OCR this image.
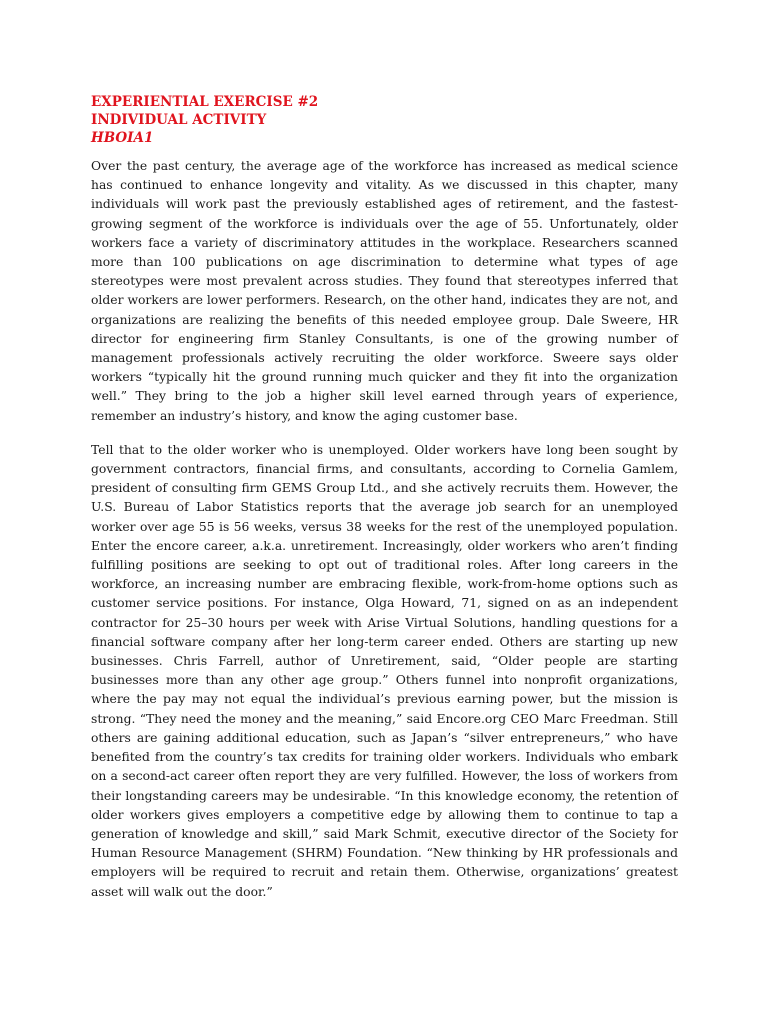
EXPERIENTIAL EXERCISE #2
INDIVIDUAL ACTIVITY
HBOIA1

Over the past century, the average age of the workforce has increased as medical science has continued to enhance longevity and vitality. As we discussed in this chapter, many individuals will work past the previously established ages of retirement, and the fastest-growing segment of the workforce is individuals over the age of 55. Unfortunately, older workers face a variety of discriminatory attitudes in the workplace. Researchers scanned more than 100 publications on age discrimination to determine what types of age stereotypes were most prevalent across studies. They found that stereotypes inferred that older workers are lower performers. Research, on the other hand, indicates they are not, and organizations are realizing the benefits of this needed employee group. Dale Sweere, HR director for engineering firm Stanley Consultants, is one of the growing number of management professionals actively recruiting the older workforce. Sweere says older workers “typically hit the ground running much quicker and they fit into the organization well.” They bring to the job a higher skill level earned through years of experience, remember an industry’s history, and know the aging customer base.

Tell that to the older worker who is unemployed. Older workers have long been sought by government contractors, financial firms, and consultants, according to Cornelia Gamlem, president of consulting firm GEMS Group Ltd., and she actively recruits them. However, the U.S. Bureau of Labor Statistics reports that the average job search for an unemployed worker over age 55 is 56 weeks, versus 38 weeks for the rest of the unemployed population. Enter the encore career, a.k.a. unretirement. Increasingly, older workers who aren’t finding fulfilling positions are seeking to opt out of traditional roles. After long careers in the workforce, an increasing number are embracing flexible, work-from-home options such as customer service positions. For instance, Olga Howard, 71, signed on as an independent contractor for 25–30 hours per week with Arise Virtual Solutions, handling questions for a financial software company after her long-term career ended. Others are starting up new businesses. Chris Farrell, author of Unretirement, said, “Older people are starting businesses more than any other age group.” Others funnel into nonprofit organizations, where the pay may not equal the individual’s previous earning power, but the mission is strong. “They need the money and the meaning,” said Encore.org CEO Marc Freedman. Still others are gaining additional education, such as Japan’s “silver entrepreneurs,” who have benefited from the country’s tax credits for training older workers. Individuals who embark on a second-act career often report they are very fulfilled. However, the loss of workers from their longstanding careers may be undesirable. “In this knowledge economy, the retention of older workers gives employers a competitive edge by allowing them to continue to tap a generation of knowledge and skill,” said Mark Schmit, executive director of the Society for Human Resource Management (SHRM) Foundation. “New thinking by HR professionals and employers will be required to recruit and retain them. Otherwise, organizations’ greatest asset will walk out the door.”
